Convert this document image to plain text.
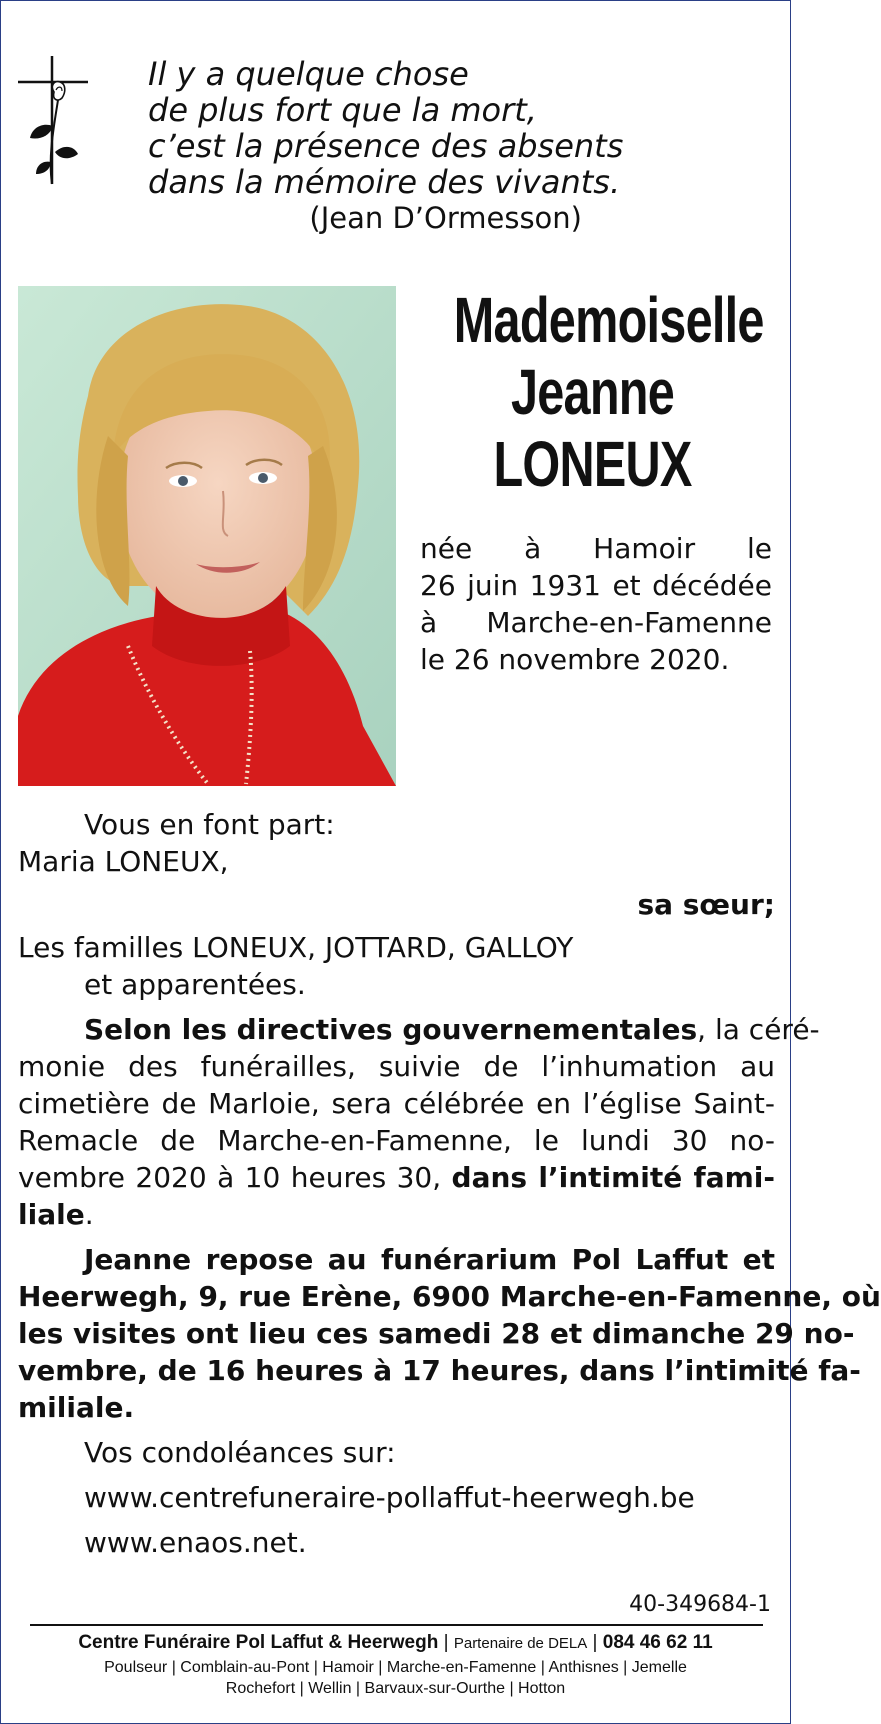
Il y a quelque chose
de plus fort que la mort,
c’est la présence des absents
dans la mémoire des vivants.
(Jean D’Ormesson)
Mademoiselle
Jeanne
LONEUX
née à Hamoir le
26 juin 1931 et décédée
à Marche-en-Famenne
le 26 novembre 2020.
Vous en font part:
Maria LONEUX,
sa sœur;
Les familles LONEUX, JOTTARD, GALLOY
et apparentées.
Selon les directives gouvernementales, la céré-
monie des funérailles, suivie de l’inhumation au
cimetière de Marloie, sera célébrée en l’église Saint-
Remacle de Marche-en-Famenne, le lundi 30 no-
vembre 2020 à 10 heures 30, dans l’intimité fami-
liale.
Jeanne repose au funérarium Pol Laffut et
Heerwegh, 9, rue Erène, 6900 Marche-en-Famenne, où
les visites ont lieu ces samedi 28 et dimanche 29 no-
vembre, de 16 heures à 17 heures, dans l’intimité fa-
miliale.
Vos condoléances sur:
www.centrefuneraire-pollaffut-heerwegh.be
www.enaos.net.
40-349684-1
Centre Funéraire Pol Laffut & Heerwegh | Partenaire de DELA | 084 46 62 11
Poulseur | Comblain-au-Pont | Hamoir | Marche-en-Famenne | Anthisnes | Jemelle
Rochefort | Wellin | Barvaux-sur-Ourthe | Hotton
